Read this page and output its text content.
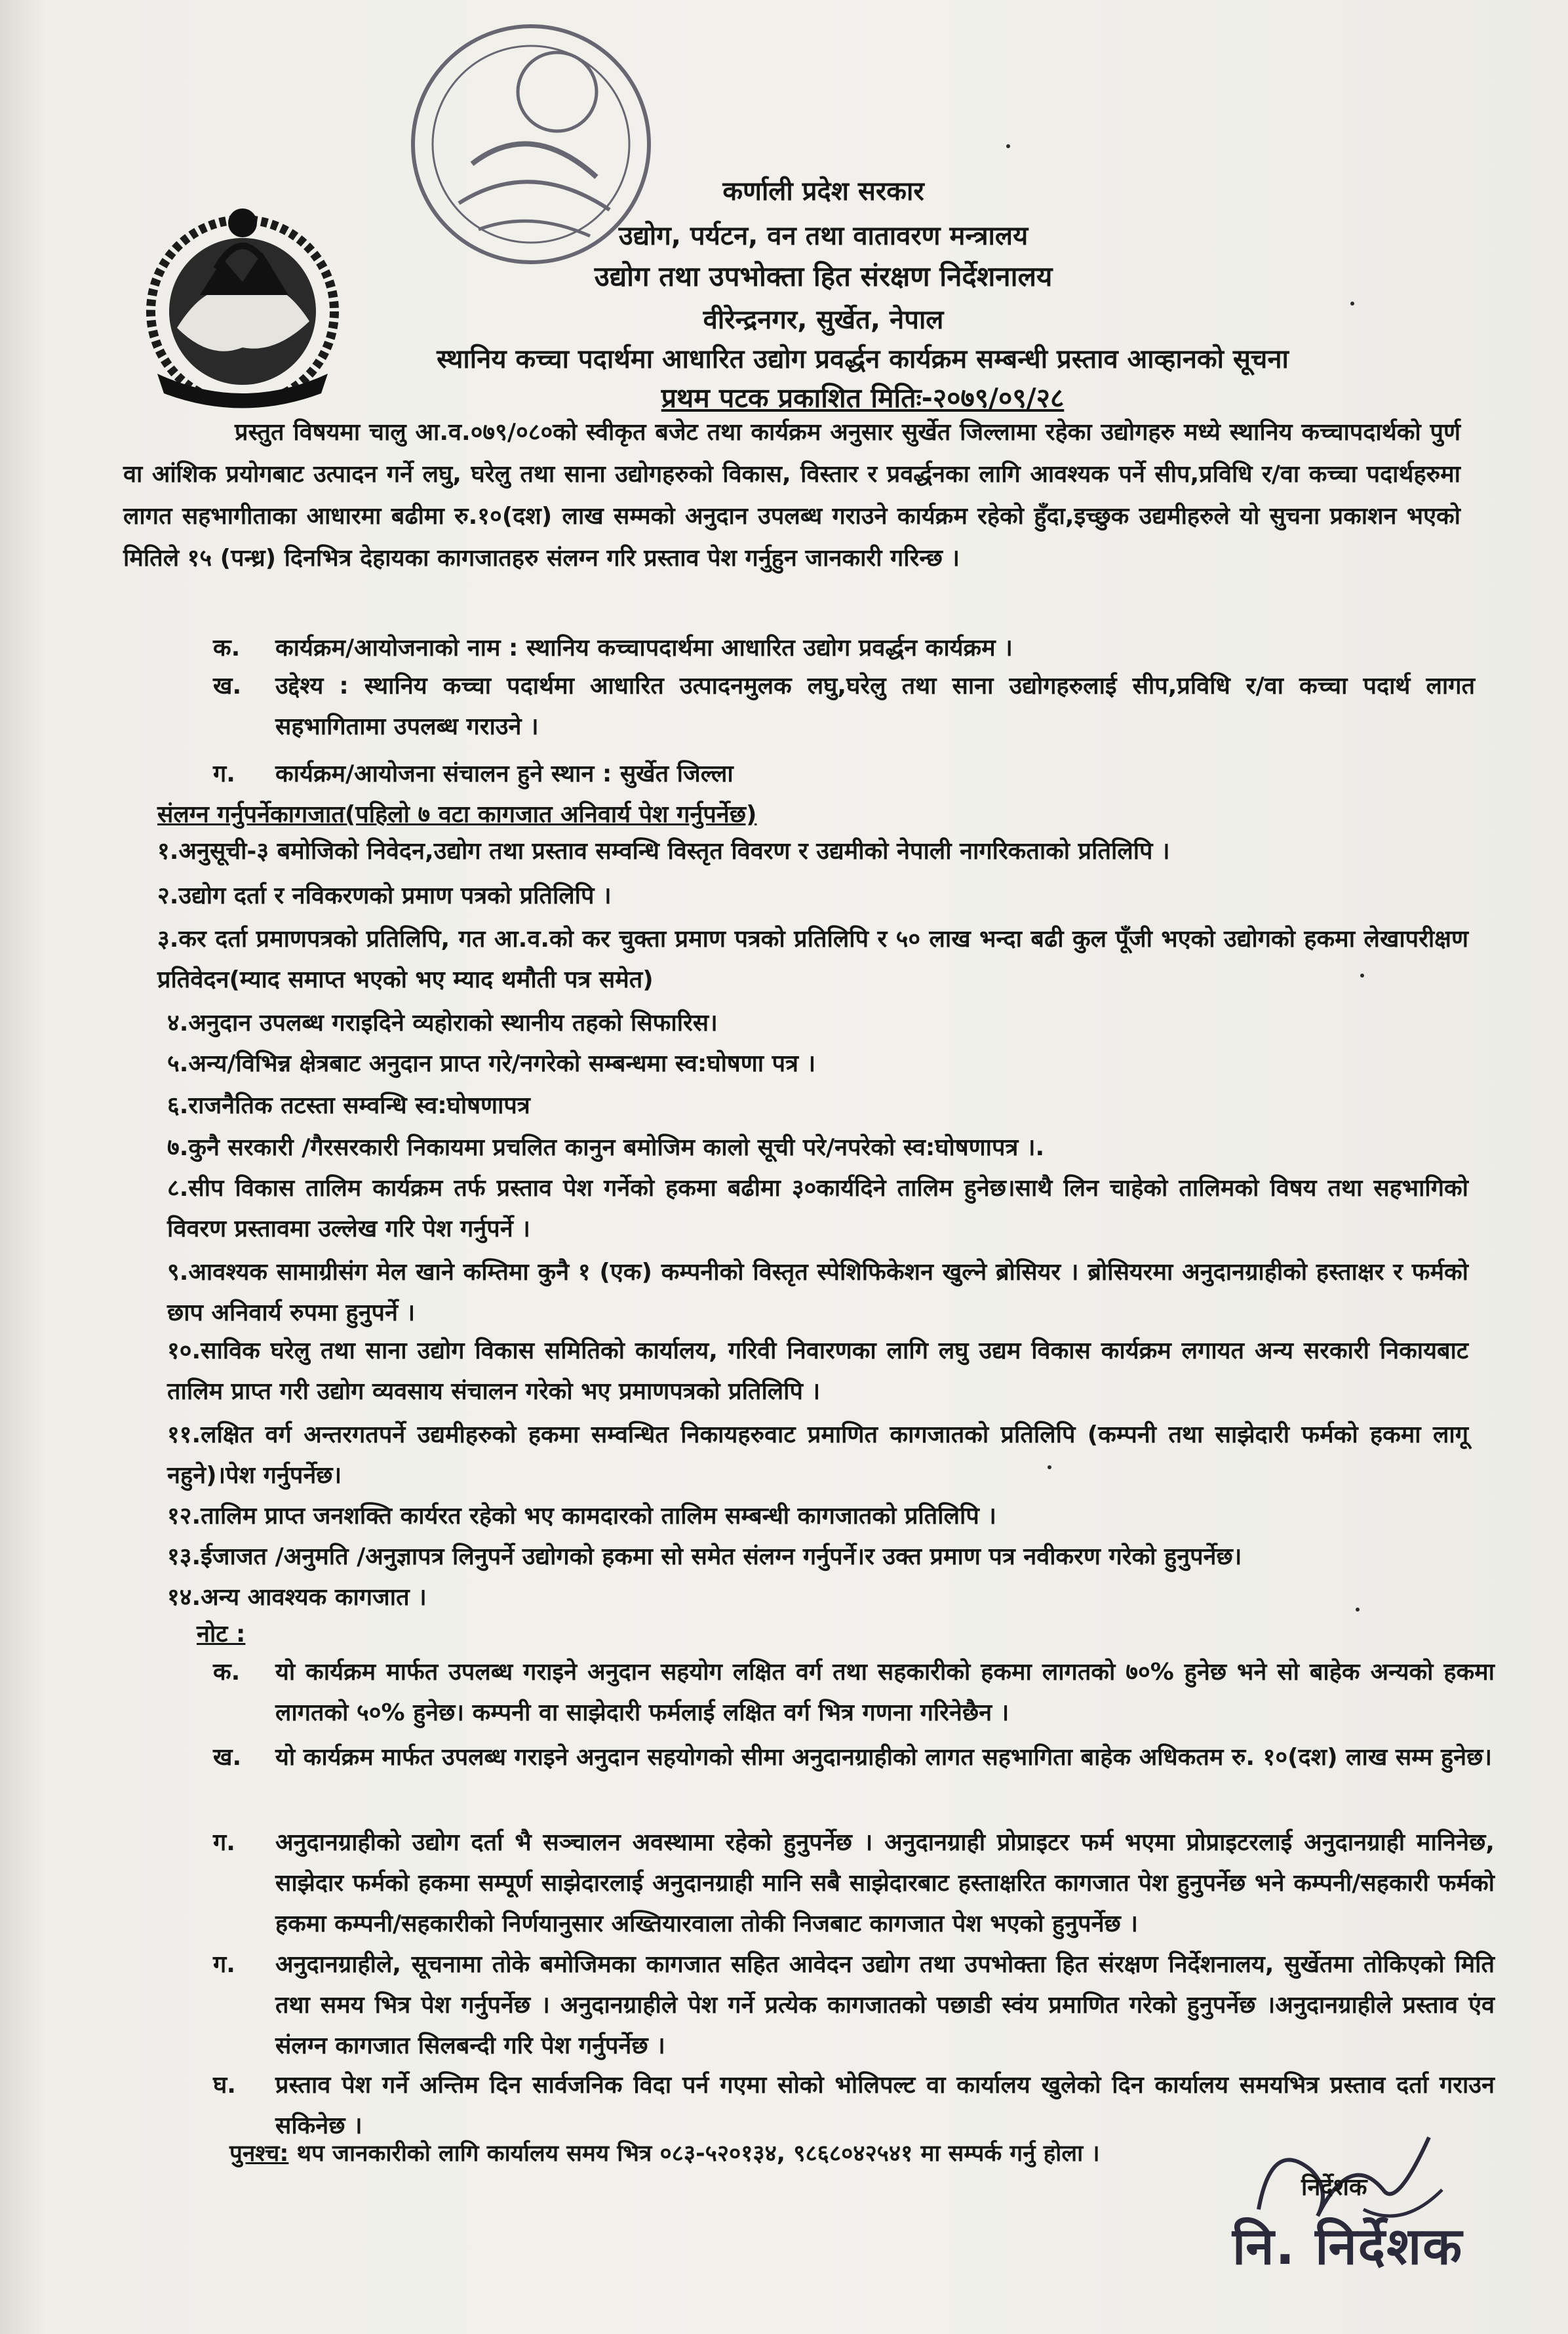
कर्णाली प्रदेश सरकार
उद्योग, पर्यटन, वन तथा वातावरण मन्त्रालय
उद्योग तथा उपभोक्ता हित संरक्षण निर्देशनालय
वीरेन्द्रनगर, सुर्खेत, नेपाल
स्थानिय कच्चा पदार्थमा आधारित उद्योग प्रवर्द्धन कार्यक्रम सम्बन्धी प्रस्ताव आव्हानको सूचना
प्रथम पटक प्रकाशित मितिः-२०७९/०९/२८

प्रस्तुत विषयमा चालु आ.व.०७९/०८०को स्वीकृत बजेट तथा कार्यक्रम अनुसार सुर्खेत जिल्लामा रहेका उद्योगहरु मध्ये स्थानिय कच्चापदार्थको पुर्ण वा आंशिक प्रयोगबाट उत्पादन गर्ने लघु, घरेलु तथा साना उद्योगहरुको विकास, विस्तार र प्रवर्द्धनका लागि आवश्यक पर्ने सीप,प्रविधि र/वा कच्चा पदार्थहरुमा लागत सहभागीताका आधारमा बढीमा रु.१०(दश) लाख सम्मको अनुदान उपलब्ध गराउने कार्यक्रम रहेको हुँदा,इच्छुक उद्यमीहरुले यो सुचना प्रकाशन भएको मितिले १५ (पन्ध्र) दिनभित्र देहायका कागजातहरु संलग्न गरि प्रस्ताव पेश गर्नुहुन जानकारी गरिन्छ ।

क. कार्यक्रम/आयोजनाको नाम : स्थानिय कच्चापदार्थमा आधारित उद्योग प्रवर्द्धन कार्यक्रम ।
ख. उद्देश्य : स्थानिय कच्चा पदार्थमा आधारित उत्पादनमुलक लघु,घरेलु तथा साना उद्योगहरुलाई सीप,प्रविधि र/वा कच्चा पदार्थ लागत सहभागितामा उपलब्ध गराउने ।
ग. कार्यक्रम/आयोजना संचालन हुने स्थान : सुर्खेत जिल्ला
संलग्न गर्नुपर्नेकागजात(पहिलो ७ वटा कागजात अनिवार्य पेश गर्नुपर्नेछ)
१.अनुसूची-३ बमोजिको निवेदन,उद्योग तथा प्रस्ताव सम्वन्धि विस्तृत विवरण र उद्यमीको नेपाली नागरिकताको प्रतिलिपि ।
२.उद्योग दर्ता र नविकरणको प्रमाण पत्रको प्रतिलिपि ।
३.कर दर्ता प्रमाणपत्रको प्रतिलिपि, गत आ.व.को कर चुक्ता प्रमाण पत्रको प्रतिलिपि र ५० लाख भन्दा बढी कुल पूँजी भएको उद्योगको हकमा लेखापरीक्षण प्रतिवेदन(म्याद समाप्त भएको भए म्याद थमौती पत्र समेत)
४.अनुदान उपलब्ध गराइदिने व्यहोराको स्थानीय तहको सिफारिस।
५.अन्य/विभिन्न क्षेत्रबाट अनुदान प्राप्त गरे/नगरेको सम्बन्धमा स्व:घोषणा पत्र ।
६.राजनैतिक तटस्ता सम्वन्धि स्व:घोषणापत्र
७.कुनै सरकारी /गैरसरकारी निकायमा प्रचलित कानुन बमोजिम कालो सूची परे/नपरेको स्व:घोषणापत्र ।.
८.सीप विकास तालिम कार्यक्रम तर्फ प्रस्ताव पेश गर्नेको हकमा बढीमा ३०कार्यदिने तालिम हुनेछ।साथै लिन चाहेको तालिमको विषय तथा सहभागिको विवरण प्रस्तावमा उल्लेख गरि पेश गर्नुपर्ने ।
९.आवश्यक सामाग्रीसंग मेल खाने कम्तिमा कुनै १ (एक) कम्पनीको विस्तृत स्पेशिफिकेशन खुल्ने ब्रोसियर । ब्रोसियरमा अनुदानग्राहीको हस्ताक्षर र फर्मको छाप अनिवार्य रुपमा हुनुपर्ने ।
१०.साविक घरेलु तथा साना उद्योग विकास समितिको कार्यालय, गरिवी निवारणका लागि लघु उद्यम विकास कार्यक्रम लगायत अन्य सरकारी निकायबाट तालिम प्राप्त गरी उद्योग व्यवसाय संचालन गरेको भए प्रमाणपत्रको प्रतिलिपि ।
११.लक्षित वर्ग अन्तरगतपर्ने उद्यमीहरुको हकमा सम्वन्धित निकायहरुवाट प्रमाणित कागजातको प्रतिलिपि (कम्पनी तथा साझेदारी फर्मको हकमा लागू नहुने)।पेश गर्नुपर्नेछ।
१२.तालिम प्राप्त जनशक्ति कार्यरत रहेको भए कामदारको तालिम सम्बन्धी कागजातको प्रतिलिपि ।
१३.ईजाजत /अनुमति /अनुज्ञापत्र लिनुपर्ने उद्योगको हकमा सो समेत संलग्न गर्नुपर्ने।र उक्त प्रमाण पत्र नवीकरण गरेको हुनुपर्नेछ।
१४.अन्य आवश्यक कागजात ।
नोट :
क. यो कार्यक्रम मार्फत उपलब्ध गराइने अनुदान सहयोग लक्षित वर्ग तथा सहकारीको हकमा लागतको ७०% हुनेछ भने सो बाहेक अन्यको हकमा लागतको ५०% हुनेछ। कम्पनी वा साझेदारी फर्मलाई लक्षित वर्ग भित्र गणना गरिनेछैन ।
ख. यो कार्यक्रम मार्फत उपलब्ध गराइने अनुदान सहयोगको सीमा अनुदानग्राहीको लागत सहभागिता बाहेक अधिकतम रु. १०(दश) लाख सम्म हुनेछ।
ग. अनुदानग्राहीको उद्योग दर्ता भै सञ्चालन अवस्थामा रहेको हुनुपर्नेछ । अनुदानग्राही प्रोप्राइटर फर्म भएमा प्रोप्राइटरलाई अनुदानग्राही मानिनेछ, साझेदार फर्मको हकमा सम्पूर्ण साझेदारलाई अनुदानग्राही मानि सबै साझेदारबाट हस्ताक्षरित कागजात पेश हुनुपर्नेछ भने कम्पनी/सहकारी फर्मको हकमा कम्पनी/सहकारीको निर्णयानुसार अख्तियारवाला तोकी निजबाट कागजात पेश भएको हुनुपर्नेछ ।
ग. अनुदानग्राहीले, सूचनामा तोके बमोजिमका कागजात सहित आवेदन उद्योग तथा उपभोक्ता हित संरक्षण निर्देशनालय, सुर्खेतमा तोकिएको मिति तथा समय भित्र पेश गर्नुपर्नेछ । अनुदानग्राहीले पेश गर्ने प्रत्येक कागजातको पछाडी स्वंय प्रमाणित गरेको हुनुपर्नेछ ।अनुदानग्राहीले प्रस्ताव एंव संलग्न कागजात सिलबन्दी गरि पेश गर्नुपर्नेछ ।
घ. प्रस्ताव पेश गर्ने अन्तिम दिन सार्वजनिक विदा पर्न गएमा सोको भोलिपल्ट वा कार्यालय खुलेको दिन कार्यालय समयभित्र प्रस्ताव दर्ता गराउन सकिनेछ ।
पुनश्च: थप जानकारीको लागि कार्यालय समय भित्र ०८३-५२०१३४, ९८६८०४२५४१ मा सम्पर्क गर्नु होला ।
निर्देशक
नि. निर्देशक
